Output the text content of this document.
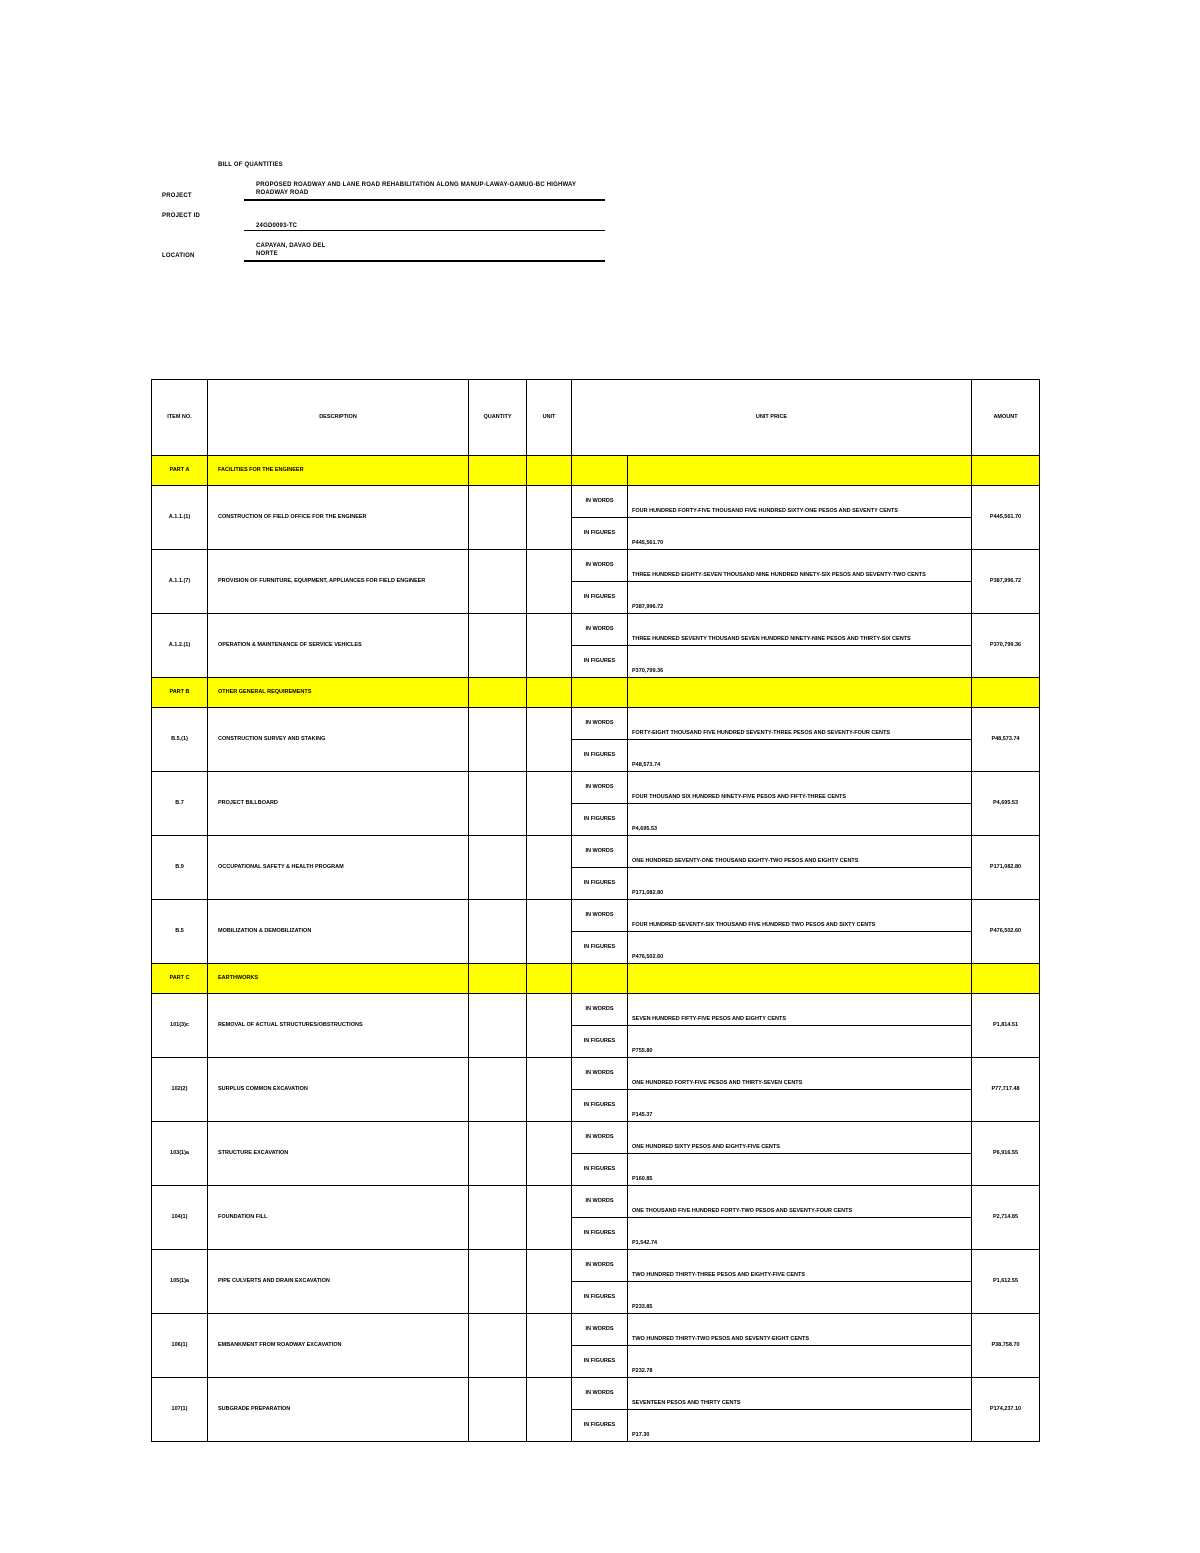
BILL OF QUANTITIES
PROJECT
PROPOSED ROADWAY AND LANE ROAD REHABILITATION ALONG MANUP-LAWAY-GAMUG-BC HIGHWAY ROADWAY ROAD
PROJECT ID
24GD0093-TC
LOCATION
CAPAYAN, DAVAO DEL NORTE
ITEM NO.	DESCRIPTION	QUANTITY	UNIT	UNIT PRICE		AMOUNT
PART A	FACILITIES FOR THE ENGINEER					
A.1.1.(1)	CONSTRUCTION OF FIELD OFFICE FOR THE ENGINEER			IN WORDS	FOUR HUNDRED FORTY-FIVE THOUSAND FIVE HUNDRED SIXTY-ONE PESOS AND SEVENTY CENTS	P445,561.70
				IN FIGURES	P445,561.70	
A.1.1.(7)	PROVISION OF FURNITURE, EQUIPMENT, APPLIANCES FOR FIELD ENGINEER			IN WORDS	THREE HUNDRED EIGHTY-SEVEN THOUSAND NINE HUNDRED NINETY-SIX PESOS AND SEVENTY-TWO CENTS	P387,996.72
				IN FIGURES	P387,996.72	
A.1.2.(1)	OPERATION & MAINTENANCE OF SERVICE VEHICLES			IN WORDS	THREE HUNDRED SEVENTY THOUSAND SEVEN HUNDRED NINETY-NINE PESOS AND THIRTY-SIX CENTS	P370,799.36
				IN FIGURES	P370,799.36	
PART B	OTHER GENERAL REQUIREMENTS					
B.5.(1)	CONSTRUCTION SURVEY AND STAKING			IN WORDS	FORTY-EIGHT THOUSAND FIVE HUNDRED SEVENTY-THREE PESOS AND SEVENTY-FOUR CENTS	P48,573.74
				IN FIGURES	P48,573.74	
B.7	PROJECT BILLBOARD			IN WORDS	FOUR THOUSAND SIX HUNDRED NINETY-FIVE PESOS AND FIFTY-THREE CENTS	P4,695.53
				IN FIGURES	P4,695.53	
B.9	OCCUPATIONAL SAFETY & HEALTH PROGRAM			IN WORDS	ONE HUNDRED SEVENTY-ONE THOUSAND EIGHTY-TWO PESOS AND EIGHTY CENTS	P171,082.80
				IN FIGURES	P171,082.80	
B.5	MOBILIZATION & DEMOBILIZATION			IN WORDS	FOUR HUNDRED SEVENTY-SIX THOUSAND FIVE HUNDRED TWO PESOS AND SIXTY CENTS	P476,502.60
				IN FIGURES	P476,502.60	
PART C	EARTHWORKS					
101(3)c	REMOVAL OF ACTUAL STRUCTURES/OBSTRUCTIONS			IN WORDS	SEVEN HUNDRED FIFTY-FIVE PESOS AND EIGHTY CENTS	P1,814.51
				IN FIGURES	P755.80	
102(2)	SURPLUS COMMON EXCAVATION			IN WORDS	ONE HUNDRED FORTY-FIVE PESOS AND THIRTY-SEVEN CENTS	P77,717.48
				IN FIGURES	P145.37	
103(1)a	STRUCTURE EXCAVATION			IN WORDS	ONE HUNDRED SIXTY PESOS AND EIGHTY-FIVE CENTS	P6,916.55
				IN FIGURES	P160.85	
104(1)	FOUNDATION FILL			IN WORDS	ONE THOUSAND FIVE HUNDRED FORTY-TWO PESOS AND SEVENTY-FOUR CENTS	P2,714.85
				IN FIGURES	P1,542.74	
105(1)a	PIPE CULVERTS AND DRAIN EXCAVATION			IN WORDS	TWO HUNDRED THIRTY-THREE PESOS AND EIGHTY-FIVE CENTS	P1,612.55
				IN FIGURES	P233.85	
106(1)	EMBANKMENT FROM ROADWAY EXCAVATION			IN WORDS	TWO HUNDRED THIRTY-TWO PESOS AND SEVENTY-EIGHT CENTS	P38,758.70
				IN FIGURES	P232.78	
107(1)	SUBGRADE PREPARATION			IN WORDS	SEVENTEEN PESOS AND THIRTY CENTS	P174,237.10
				IN FIGURES	P17.30	
